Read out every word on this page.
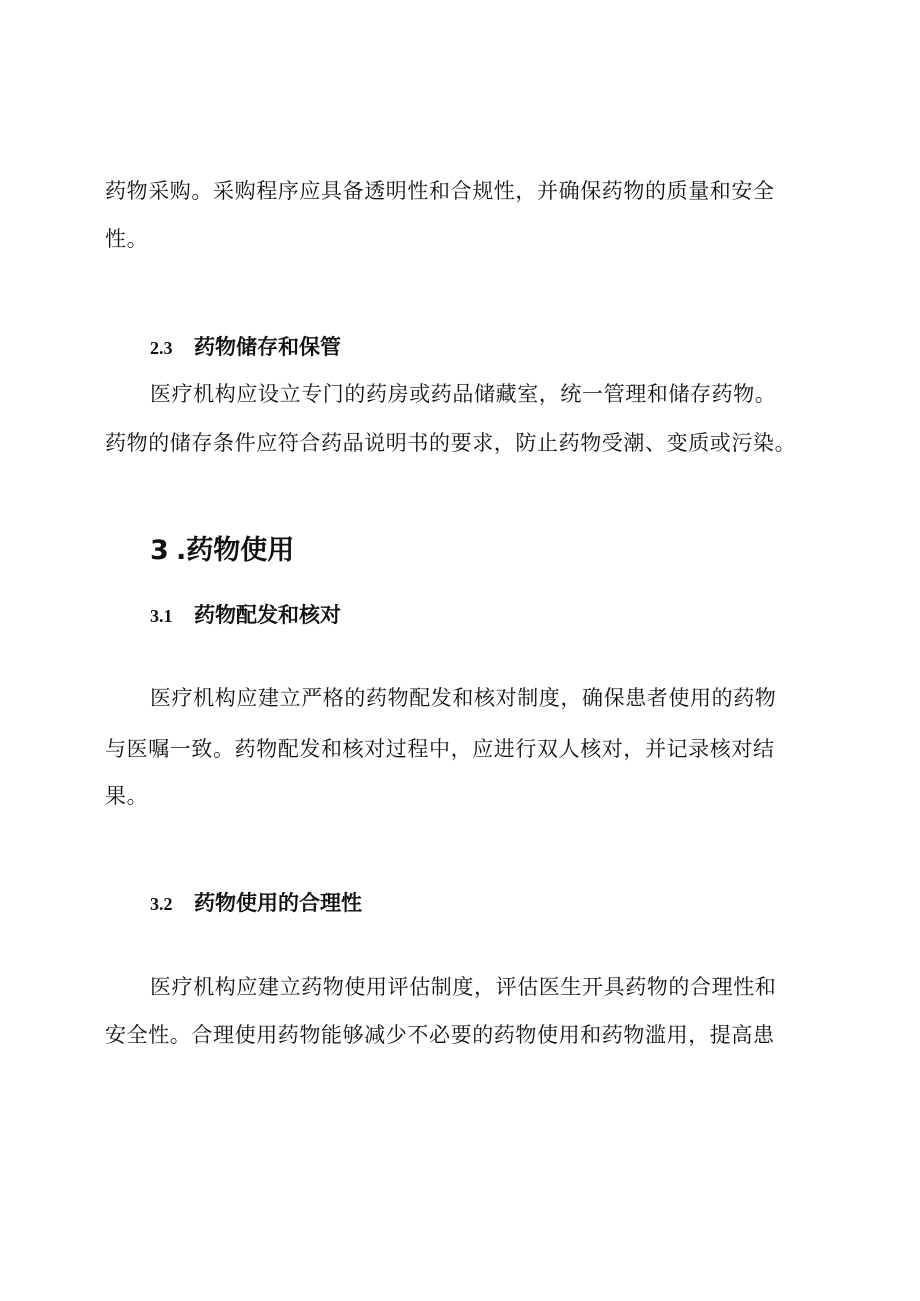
药物采购。采购程序应具备透明性和合规性，并确保药物的质量和安全

性。

2.3 药物储存和保管

医疗机构应设立专门的药房或药品储藏室，统一管理和储存药物。

药物的储存条件应符合药品说明书的要求，防止药物受潮、变质或污染。

3 .药物使用
3.1 药物配发和核对

医疗机构应建立严格的药物配发和核对制度，确保患者使用的药物

与医嘱一致。药物配发和核对过程中，应进行双人核对，并记录核对结

果。

3.2 药物使用的合理性

医疗机构应建立药物使用评估制度，评估医生开具药物的合理性和

安全性。合理使用药物能够减少不必要的药物使用和药物滥用，提高患
